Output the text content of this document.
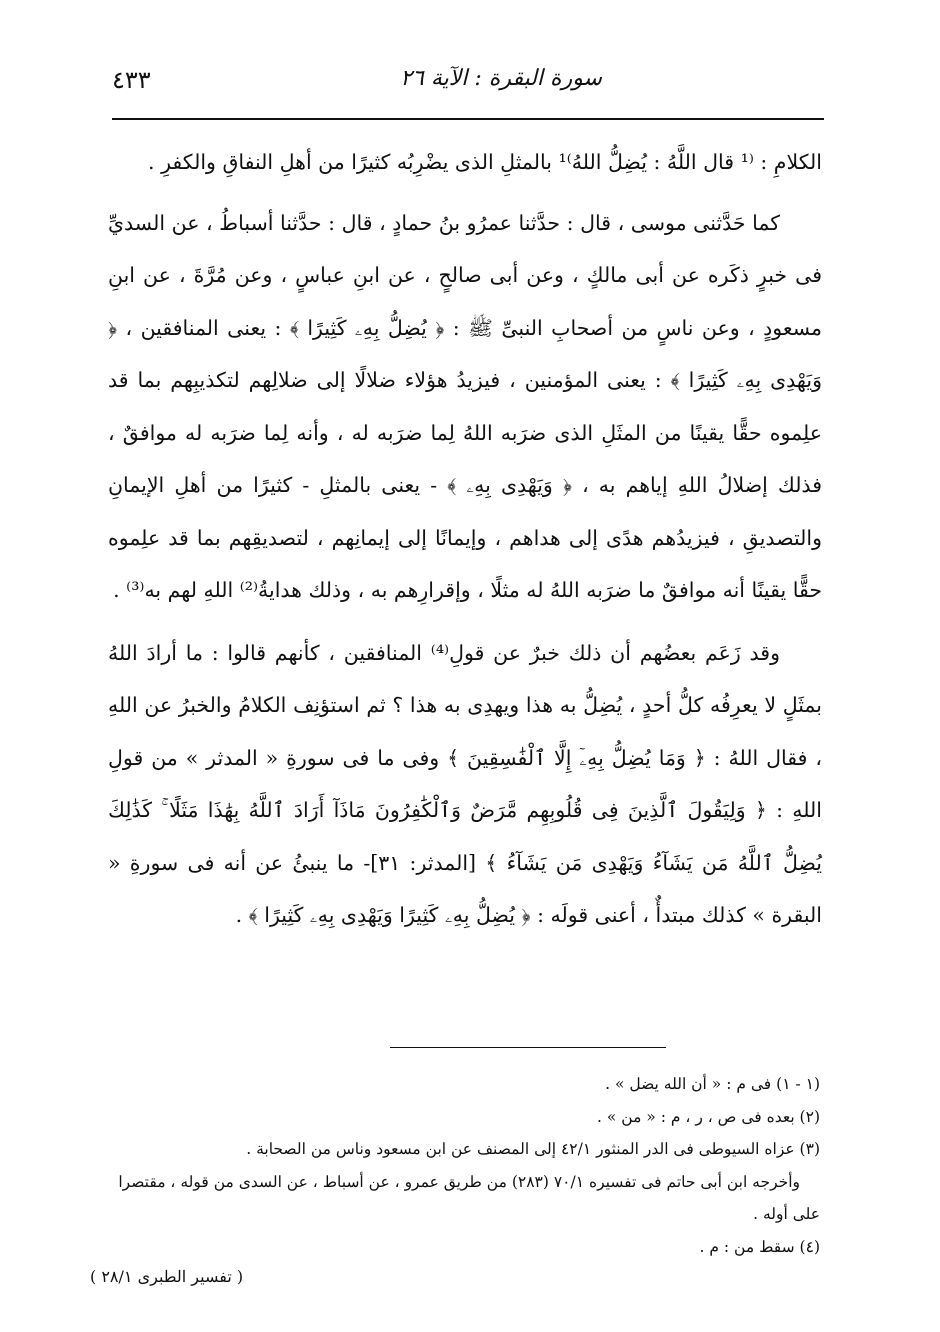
٤٣٣	سورة البقرة : الآية ٢٦

الكلامِ : ⁽¹ قال اللَّهُ : يُضِلُّ اللهُ⁾¹ بالمثلِ الذى يضْرِبُه كثيرًا من أهلِ النفاقِ والكفرِ .

كما حَدَّثنى موسى ، قال : حدَّثنا عمرُو بنُ حمادٍ ، قال : حدَّثنا أسباطُ ، عن السديِّ فى خبرٍ ذكَره عن أبى مالكٍ ، وعن أبى صالحٍ ، عن ابنِ عباسٍ ، وعن مُرَّةَ ، عن ابنِ مسعودٍ ، وعن ناسٍ من أصحابِ النبىِّ ﷺ : ﴿ يُضِلُّ بِهِۦ كَثِيرًا ﴾ : يعنى المنافقين ، ﴿ وَيَهْدِى بِهِۦ كَثِيرًا ﴾ : يعنى المؤمنين ، فيزيدُ هؤلاء ضلالًا إلى ضلالِهم لتكذيبِهم بما قد علِموه حقًّا يقينًا من المثَلِ الذى ضرَبه اللهُ لِما ضرَبه له ، وأنه لِما ضرَبه له موافقٌ ، فذلك إضلالُ اللهِ إياهم به ، ﴿ وَيَهْدِى بِهِۦ ﴾ - يعنى بالمثلِ - كثيرًا من أهلِ الإيمانِ والتصديقِ ، فيزيدُهم هدًى إلى هداهم ، وإيمانًا إلى إيمانِهم ، لتصديقِهم بما قد علِموه حقًّا يقينًا أنه موافقٌ ما ضرَبه اللهُ له مثلًا ، وإقرارِهم به ، وذلك هدايةُ⁽²⁾ اللهِ لهم به⁽³⁾ .

وقد زَعَم بعضُهم أن ذلك خبرٌ عن قولِ⁽⁴⁾ المنافقين ، كأنهم قالوا : ما أرادَ اللهُ بمثَلٍ لا يعرِفُه كلُّ أحدٍ ، يُضِلُّ به هذا ويهدِى به هذا ؟ ثم استؤنِف الكلامُ والخبرُ عن اللهِ ، فقال اللهُ : ﴿ وَمَا يُضِلُّ بِهِۦٓ إِلَّا ٱلْفَٰسِقِينَ ﴾ وفى ما فى سورةِ « المدثر » من قولِ اللهِ : ﴿ وَلِيَقُولَ ٱلَّذِينَ فِى قُلُوبِهِم مَّرَضٌ وَٱلْكَٰفِرُونَ مَاذَآ أَرَادَ ٱللَّهُ بِهَٰذَا مَثَلًا ۚ كَذَٰلِكَ يُضِلُّ ٱللَّهُ مَن يَشَآءُ وَيَهْدِى مَن يَشَآءُ ﴾ [المدثر: ٣١]- ما ينبئُ عن أنه فى سورةِ « البقرة » كذلك مبتدأٌ ، أعنى قولَه : ﴿ يُضِلُّ بِهِۦ كَثِيرًا وَيَهْدِى بِهِۦ كَثِيرًا ﴾ .

(١ - ١) فى م : « أن الله يضل » .
(٢) بعده فى ص ، ر ، م : « من » .
(٣) عزاه السيوطى فى الدر المنثور ٤٢/١ إلى المصنف عن ابن مسعود وناس من الصحابة .
وأخرجه ابن أبى حاتم فى تفسيره ٧٠/١ (٢٨٣) من طريق عمرو ، عن أسباط ، عن السدى من قوله ، مقتصرا على أوله .
(٤) سقط من : م .
( تفسير الطبرى ٢٨/١ )
